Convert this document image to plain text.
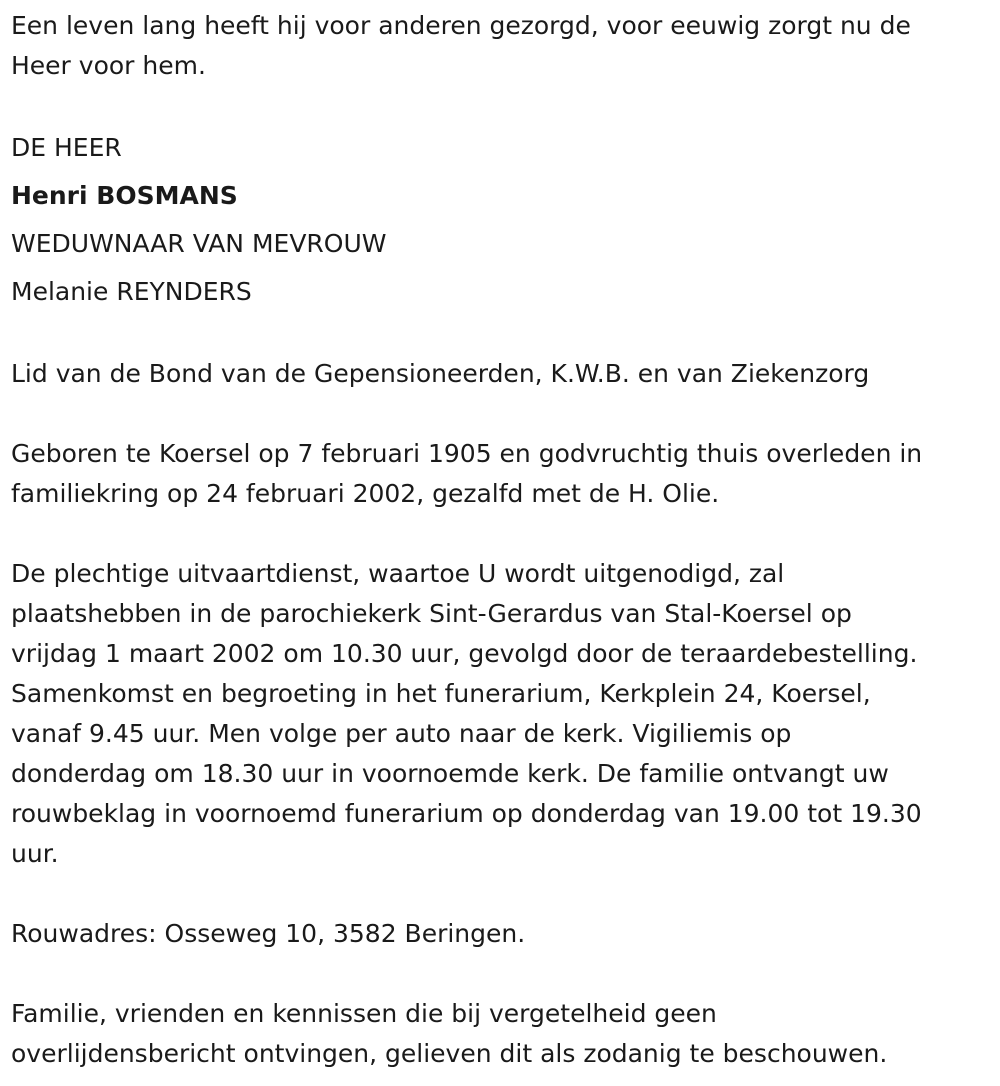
Een leven lang heeft hij voor anderen gezorgd, voor eeuwig zorgt nu de

Heer voor hem.

DE HEER

Henri BOSMANS

WEDUWNAAR VAN MEVROUW

Melanie REYNDERS

Lid van de Bond van de Gepensioneerden, K.W.B. en van Ziekenzorg

Geboren te Koersel op 7 februari 1905 en godvruchtig thuis overleden in

familiekring op 24 februari 2002, gezalfd met de H. Olie.

De plechtige uitvaartdienst, waartoe U wordt uitgenodigd, zal

plaatshebben in de parochiekerk Sint-Gerardus van Stal-Koersel op

vrijdag 1 maart 2002 om 10.30 uur, gevolgd door de teraardebestelling.

Samenkomst en begroeting in het funerarium, Kerkplein 24, Koersel,

vanaf 9.45 uur. Men volge per auto naar de kerk. Vigiliemis op

donderdag om 18.30 uur in voornoemde kerk. De familie ontvangt uw

rouwbeklag in voornoemd funerarium op donderdag van 19.00 tot 19.30

uur.

Rouwadres: Osseweg 10, 3582 Beringen.

Familie, vrienden en kennissen die bij vergetelheid geen

overlijdensbericht ontvingen, gelieven dit als zodanig te beschouwen.
